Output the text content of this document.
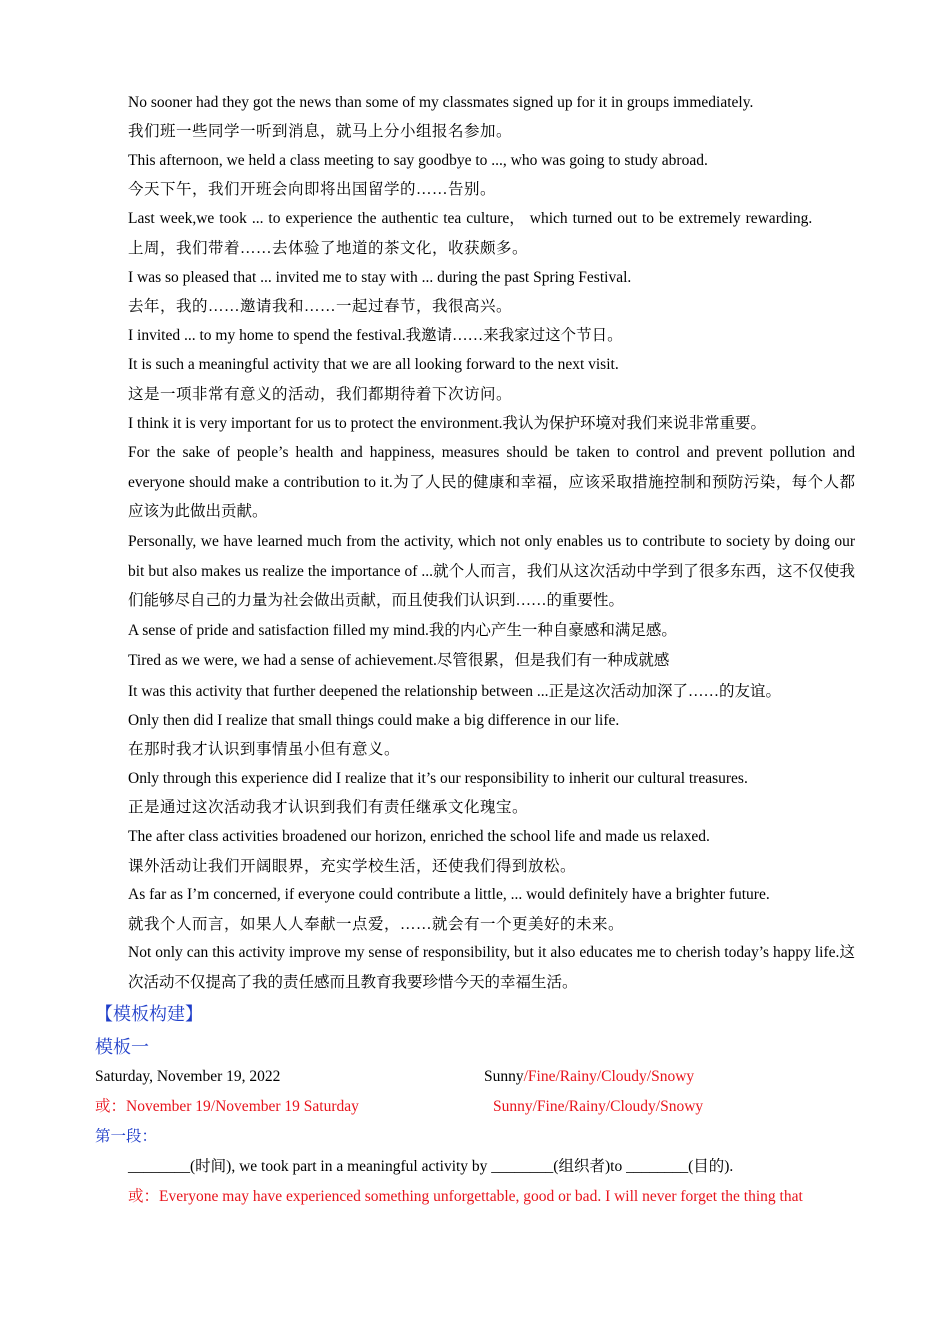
No sooner had they got the news than some of my classmates signed up for it in groups immediately.
我们班一些同学一听到消息，就马上分小组报名参加。
This afternoon, we held a class meeting to say goodbye to ..., who was going to study abroad.
今天下午，我们开班会向即将出国留学的……告别。
Last week,we took ... to experience the authentic tea culture， which turned out to be extremely rewarding.
上周，我们带着……去体验了地道的茶文化，收获颇多。
I was so pleased that ... invited me to stay with ... during the past Spring Festival.
去年，我的……邀请我和……一起过春节，我很高兴。
I invited ... to my home to spend the festival.我邀请……来我家过这个节日。
It is such a meaningful activity that we are all looking forward to the next visit.
这是一项非常有意义的活动，我们都期待着下次访问。
I think it is very important for us to protect the environment.我认为保护环境对我们来说非常重要。
For the sake of people’s health and happiness, measures should be taken to control and prevent pollution and everyone should make a contribution to it.为了人民的健康和幸福，应该采取措施控制和预防污染，每个人都应该为此做出贡献。
Personally, we have learned much from the activity, which not only enables us to contribute to society by doing our bit but also makes us realize the importance of ...就个人而言，我们从这次活动中学到了很多东西，这不仅使我们能够尽自己的力量为社会做出贡献，而且使我们认识到……的重要性。
A sense of pride and satisfaction filled my mind.我的内心产生一种自豪感和满足感。
Tired as we were, we had a sense of achievement.尽管很累，但是我们有一种成就感
It was this activity that further deepened the relationship between ...正是这次活动加深了……的友谊。
Only then did I realize that small things could make a big difference in our life.
在那时我才认识到事情虽小但有意义。
Only through this experience did I realize that it’s our responsibility to inherit our cultural treasures.
正是通过这次活动我才认识到我们有责任继承文化瑰宝。
The after class activities broadened our horizon, enriched the school life and made us relaxed.
课外活动让我们开阔眼界，充实学校生活，还使我们得到放松。
As far as I’m concerned, if everyone could contribute a little, ... would definitely have a brighter future.
就我个人而言，如果人人奉献一点爱，……就会有一个更美好的未来。
Not only can this activity improve my sense of responsibility, but it also educates me to cherish today’s happy life.这次活动不仅提高了我的责任感而且教育我要珍惜今天的幸福生活。
【模板构建】
模板一
Saturday, November 19, 2022	Sunny/Fine/Rainy/Cloudy/Snowy
或：November 19/November 19 Saturday	Sunny/Fine/Rainy/Cloudy/Snowy
第一段：
________(时间), we took part in a meaningful activity by ________(组织者)to ________(目的).
或：Everyone may have experienced something unforgettable, good or bad. I will never forget the thing that
